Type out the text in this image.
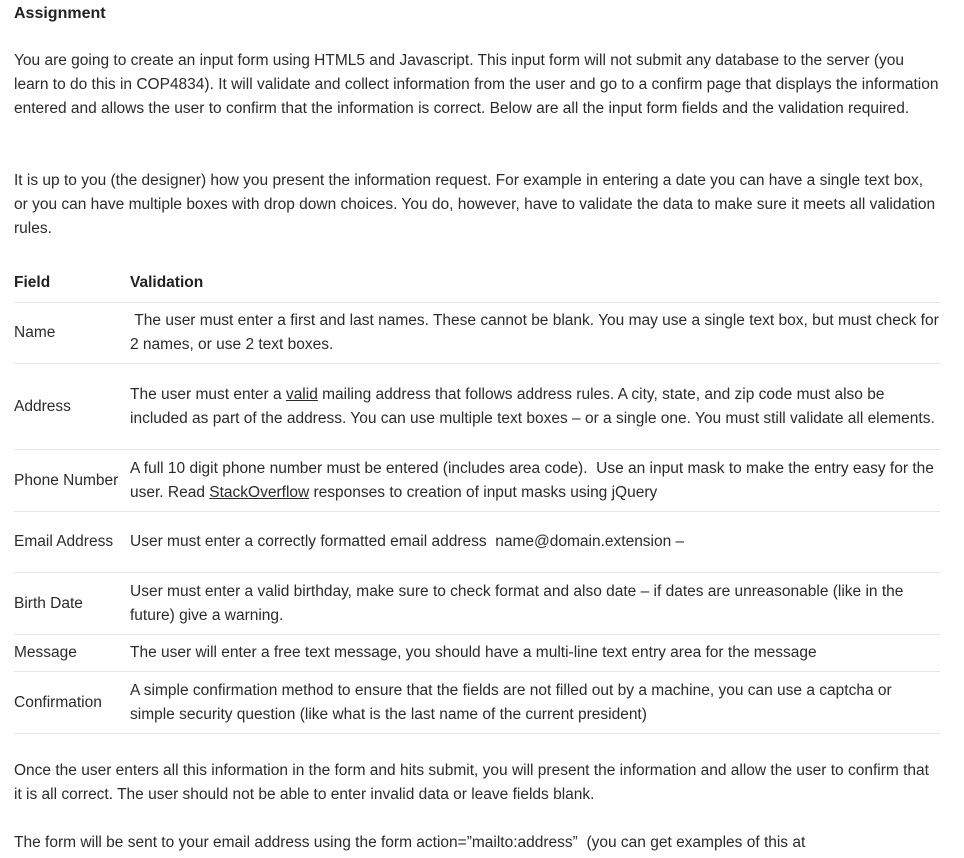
Assignment

You are going to create an input form using HTML5 and Javascript. This input form will not submit any database to the server (you learn to do this in COP4834). It will validate and collect information from the user and go to a confirm page that displays the information entered and allows the user to confirm that the information is correct. Below are all the input form fields and the validation required.

It is up to you (the designer) how you present the information request. For example in entering a date you can have a single text box, or you can have multiple boxes with drop down choices. You do, however, have to validate the data to make sure it meets all validation rules.

Field	Validation
Name	The user must enter a first and last names. These cannot be blank. You may use a single text box, but must check for 2 names, or use 2 text boxes.
Address	The user must enter a valid mailing address that follows address rules. A city, state, and zip code must also be included as part of the address. You can use multiple text boxes – or a single one. You must still validate all elements.
Phone Number	A full 10 digit phone number must be entered (includes area code).  Use an input mask to make the entry easy for the user. Read StackOverflow responses to creation of input masks using jQuery
Email Address	User must enter a correctly formatted email address  name@domain.extension –
Birth Date	User must enter a valid birthday, make sure to check format and also date – if dates are unreasonable (like in the future) give a warning.
Message	The user will enter a free text message, you should have a multi-line text entry area for the message
Confirmation	A simple confirmation method to ensure that the fields are not filled out by a machine, you can use a captcha or simple security question (like what is the last name of the current president)

Once the user enters all this information in the form and hits submit, you will present the information and allow the user to confirm that it is all correct. The user should not be able to enter invalid data or leave fields blank.

The form will be sent to your email address using the form action=”mailto:address”  (you can get examples of this at
